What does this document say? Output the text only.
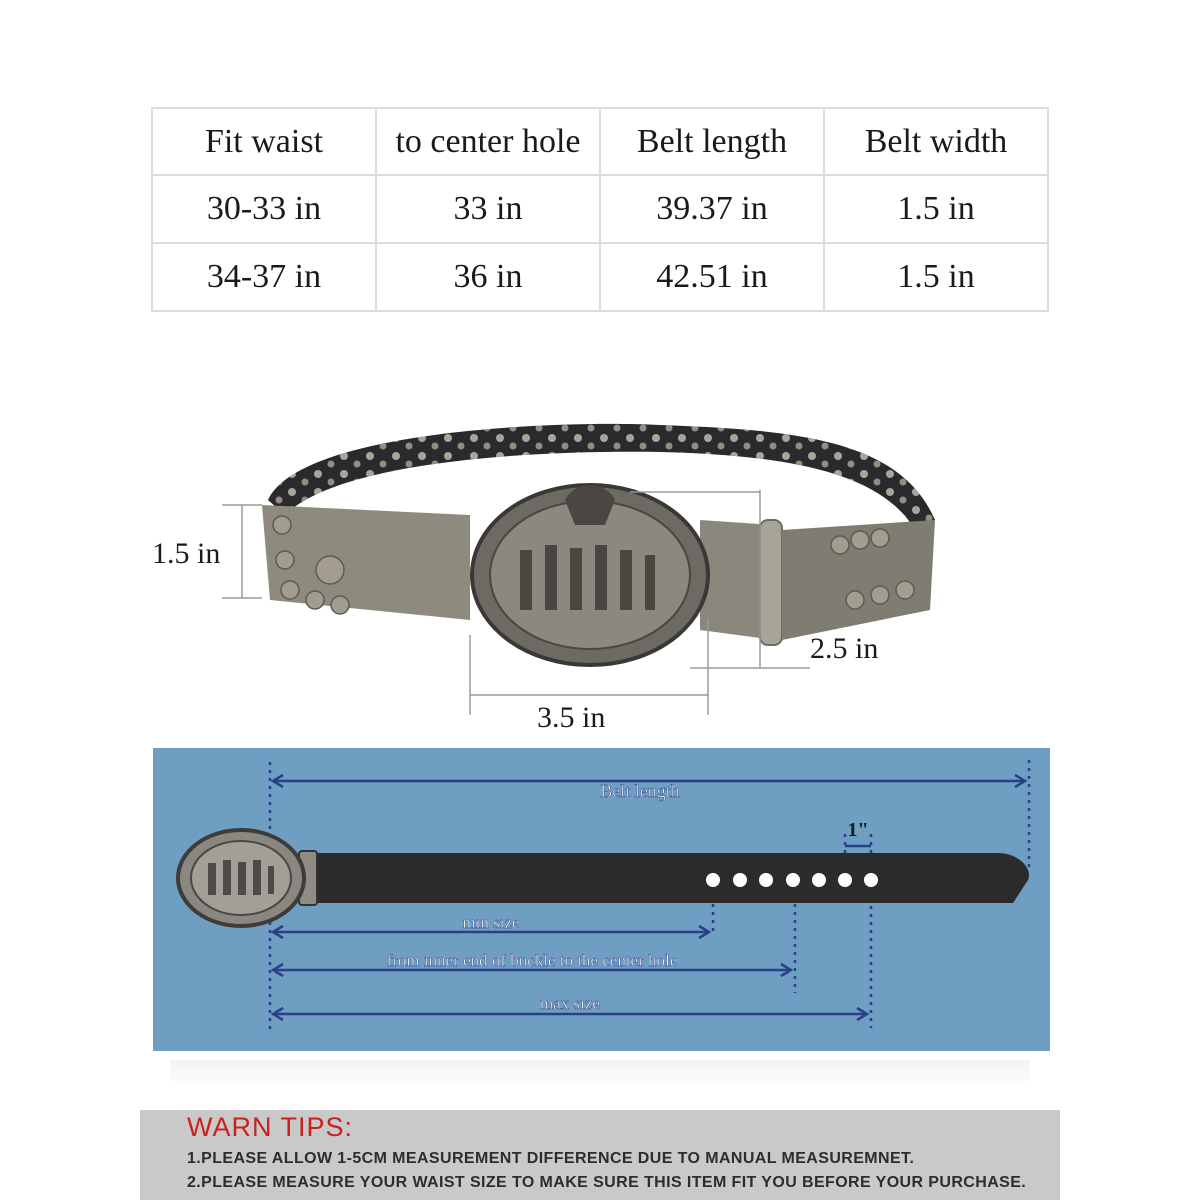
Fit waist	to center hole	Belt length	Belt width
30-33 in	33 in	39.37 in	1.5 in
34-37 in	36 in	42.51 in	1.5 in
1.5 in
2.5 in
3.5 in
Belt length
1"
min size
from inner end of buckle to the center hole
max size
WARN TIPS:
1.PLEASE ALLOW 1-5CM MEASUREMENT DIFFERENCE DUE TO MANUAL MEASUREMNET.
2.PLEASE MEASURE YOUR WAIST SIZE TO MAKE SURE THIS ITEM FIT YOU BEFORE YOUR PURCHASE.
